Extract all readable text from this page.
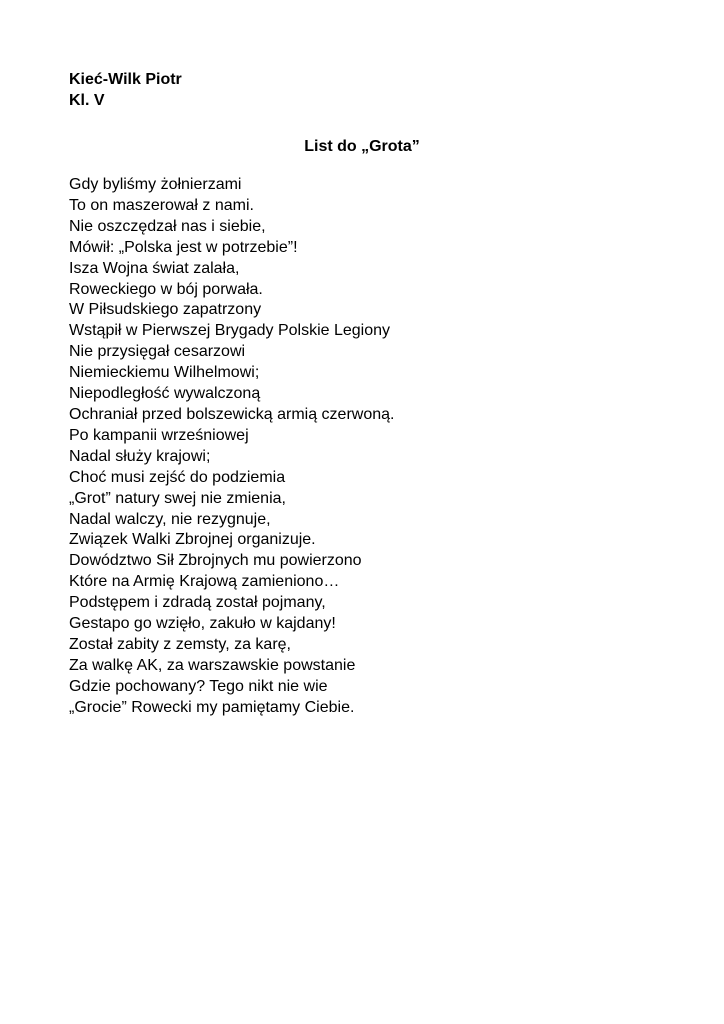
Kieć-Wilk Piotr
Kl. V
List do „Grota”
Gdy byliśmy żołnierzami
To on maszerował z nami.
Nie oszczędzał nas i siebie,
Mówił: „Polska jest w potrzebie”!
Isza Wojna świat zalała,
Roweckiego w bój porwała.
W Piłsudskiego zapatrzony
Wstąpił w Pierwszej Brygady Polskie Legiony
Nie przysięgał cesarzowi
Niemieckiemu Wilhelmowi;
Niepodległość wywalczoną
Ochraniał przed bolszewicką armią czerwoną.
Po kampanii wrześniowej
Nadal służy krajowi;
Choć musi zejść do podziemia
„Grot” natury swej nie zmienia,
Nadal walczy, nie rezygnuje,
Związek Walki Zbrojnej organizuje.
Dowództwo Sił Zbrojnych mu powierzono
Które na Armię Krajową zamieniono…
Podstępem i zdradą został pojmany,
Gestapo go wzięło, zakuło w kajdany!
Został zabity z zemsty, za karę,
Za walkę AK, za warszawskie powstanie
Gdzie pochowany? Tego nikt nie wie
„Grocie” Rowecki my pamiętamy Ciebie.
